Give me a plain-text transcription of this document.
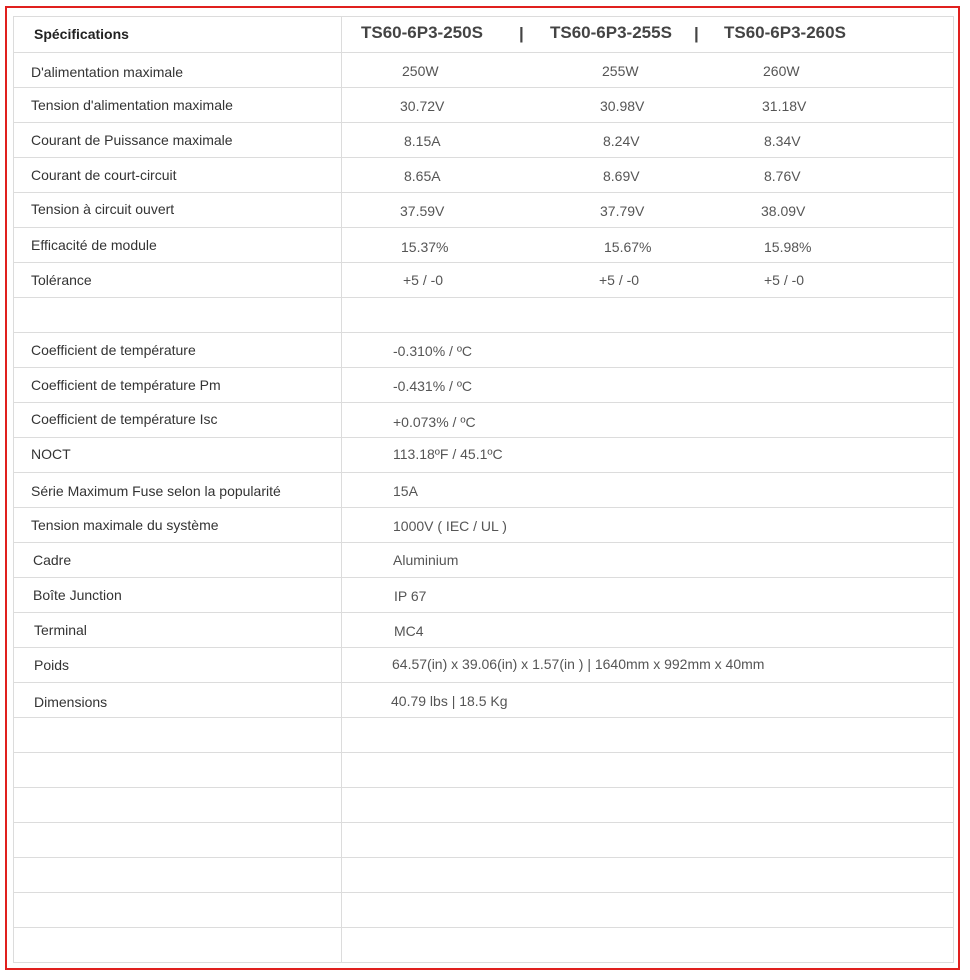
Spécifications	TS60-6P3-250S | TS60-6P3-255S | TS60-6P3-260S
D'alimentation maximale	250W	255W	260W
Tension d'alimentation maximale	30.72V	30.98V	31.18V
Courant de Puissance maximale	8.15A	8.24V	8.34V
Courant de court-circuit	8.65A	8.69V	8.76V
Tension à circuit ouvert	37.59V	37.79V	38.09V
Efficacité de module	15.37%	15.67%	15.98%
Tolérance	+5 / -0	+5 / -0	+5 / -0
Coefficient de température	-0.310% / ºC
Coefficient de température Pm	-0.431% / ºC
Coefficient de température Isc	+0.073% / ºC
NOCT	113.18ºF / 45.1ºC
Série Maximum Fuse selon la popularité	15A
Tension maximale du système	1000V ( IEC / UL )
Cadre	Aluminium
Boîte Junction	IP 67
Terminal	MC4
Poids	64.57(in) x 39.06(in) x 1.57(in ) | 1640mm x 992mm x 40mm
Dimensions	40.79 lbs | 18.5 Kg
